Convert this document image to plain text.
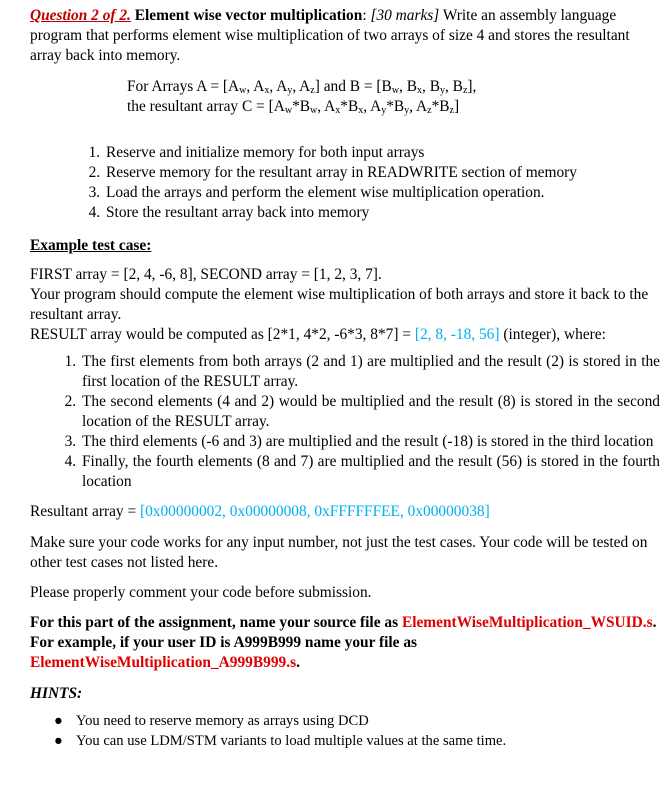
Question 2 of 2. Element wise vector multiplication: [30 marks] Write an assembly language program that performs element wise multiplication of two arrays of size 4 and stores the resultant array back into memory.

For Arrays $A = [A_w$, $A_x$, $A_y$, $A_z$] and $B = [B_w$, $B_x$, $B_y$, $B_z$],
the resultant array $C = [A_w*B_w$, $A_x*B_x$, $A_y*B_y$, $A_z*B_z$]
1. Reserve and initialize memory for both input arrays
2. Reserve memory for the resultant array in READWRITE section of memory
3. Load the arrays and perform the element wise multiplication operation.
4. Store the resultant array back into memory
Example test case:
FIRST array = [2, 4, -6, 8], SECOND array = [1, 2, 3, 7].
Your program should compute the element wise multiplication of both arrays and store it back to the resultant array.
RESULT array would be computed as [2*1, 4*2, -6*3, 8*7] = [2, 8, -18, 56] (integer), where:
1. The first elements from both arrays (2 and 1) are multiplied and the result (2) is stored in the first location of the RESULT array.
2. The second elements (4 and 2) would be multiplied and the result (8) is stored in the second location of the RESULT array.
3. The third elements (-6 and 3) are multiplied and the result (-18) is stored in the third location
4. Finally, the fourth elements (8 and 7) are multiplied and the result (56) is stored in the fourth location
Resultant array = [0x00000002, 0x00000008, 0xFFFFFFEE, 0x00000038]

Make sure your code works for any input number, not just the test cases. Your code will be tested on other test cases not listed here.

Please properly comment your code before submission.

For this part of the assignment, name your source file as ElementWiseMultiplication_WSUID.s. For example, if your user ID is A999B999 name your file as ElementWiseMultiplication_A999B999.s.

HINTS:
● You need to reserve memory as arrays using DCD
● You can use LDM/STM variants to load multiple values at the same time.
